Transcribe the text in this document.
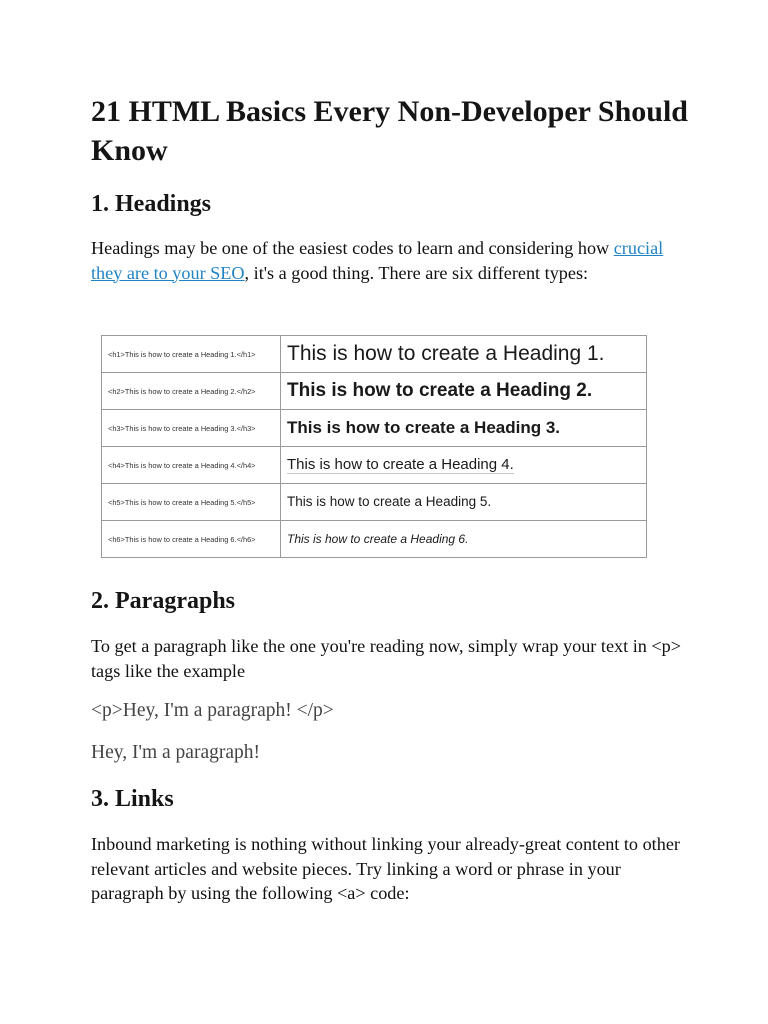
21 HTML Basics Every Non-Developer Should Know
1. Headings

Headings may be one of the easiest codes to learn and considering how crucial they are to your SEO, it's a good thing. There are six different types:

<h1>This is how to create a Heading 1.</h1>	This is how to create a Heading 1.
<h2>This is how to create a Heading 2.</h2>	This is how to create a Heading 2.
<h3>This is how to create a Heading 3.</h3>	This is how to create a Heading 3.
<h4>This is how to create a Heading 4.</h4>	This is how to create a Heading 4.
<h5>This is how to create a Heading 5.</h5>	This is how to create a Heading 5.
<h6>This is how to create a Heading 6.</h6>	This is how to create a Heading 6.
2. Paragraphs

To get a paragraph like the one you're reading now, simply wrap your text in <p> tags like the example

<p>Hey, I'm a paragraph! </p>

Hey, I'm a paragraph!

3. Links

Inbound marketing is nothing without linking your already-great content to other relevant articles and website pieces. Try linking a word or phrase in your paragraph by using the following <a> code:
